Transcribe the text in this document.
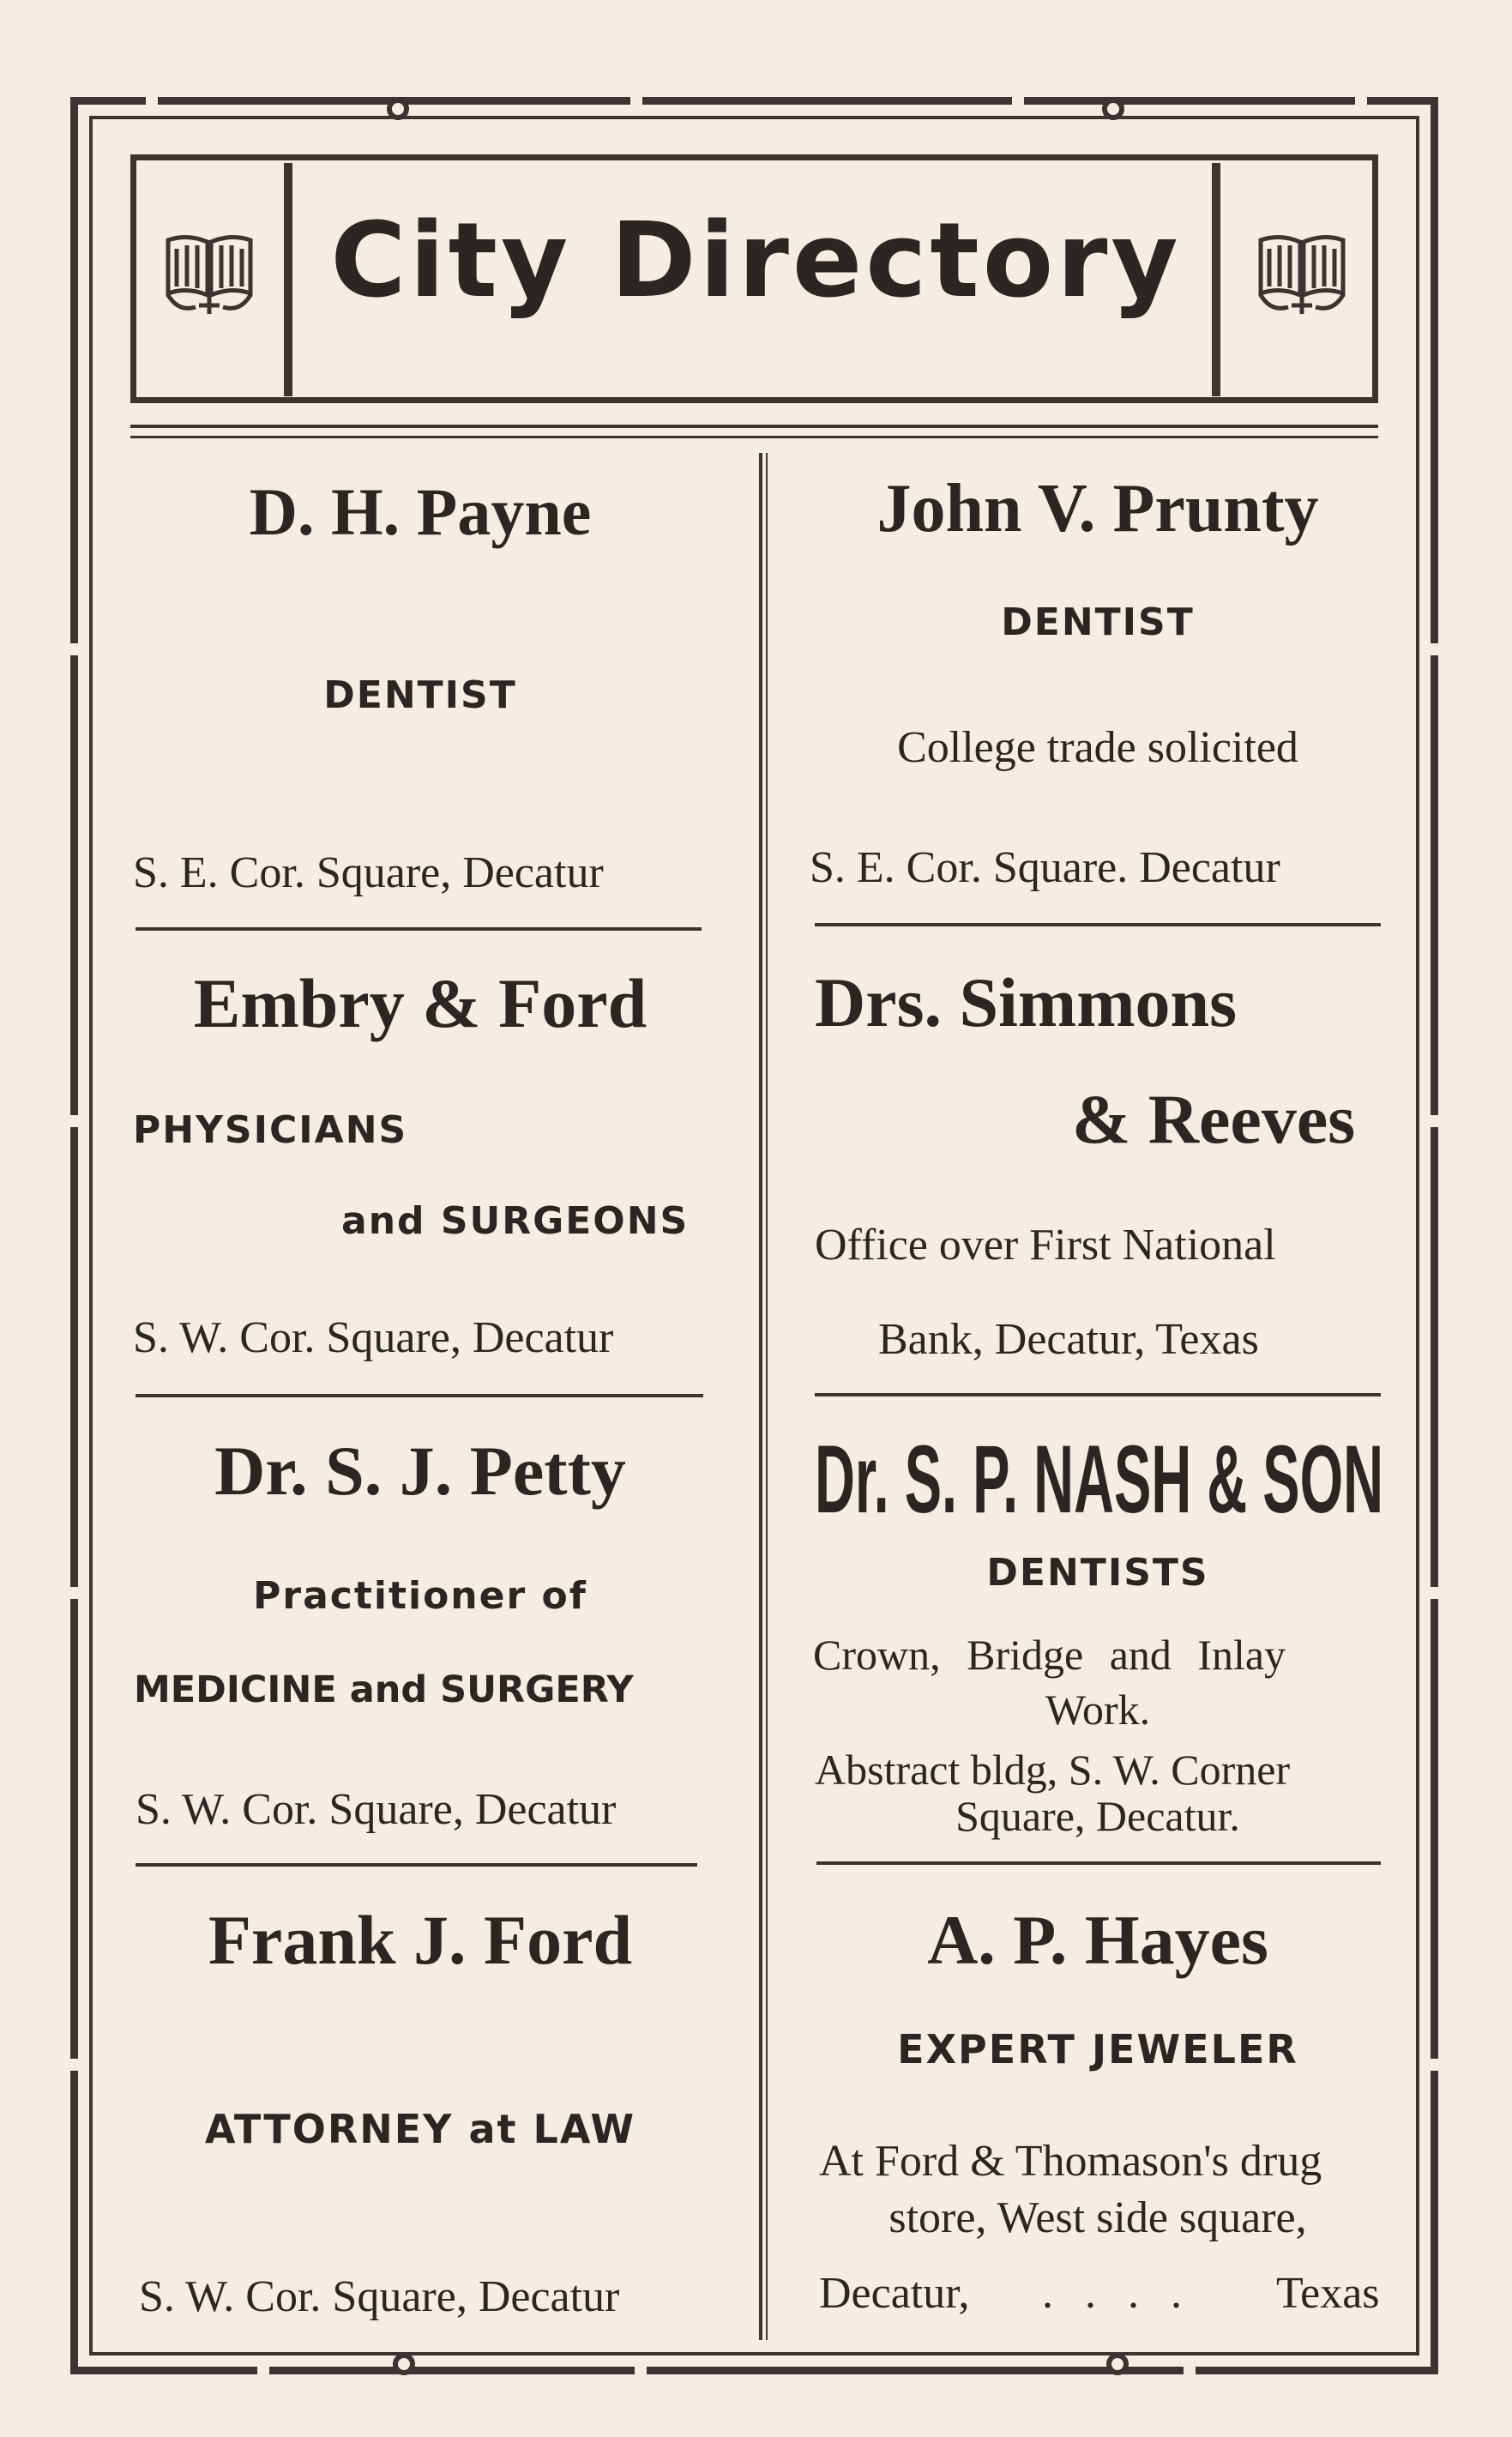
City Directory
D. H. Payne
DENTIST
S. E. Cor. Square, Decatur
Embry & Ford
PHYSICIANS
and SURGEONS
S. W. Cor. Square, Decatur
Dr. S. J. Petty
Practitioner of
MEDICINE and SURGERY
S. W. Cor. Square, Decatur
Frank J. Ford
ATTORNEY at LAW
S. W. Cor. Square, Decatur
John V. Prunty
DENTIST
College trade solicited
S. E. Cor. Square. Decatur
Drs. Simmons
& Reeves
Office over First National
Bank, Decatur, Texas
Dr. S. P. NASH & SON
DENTISTS
Crown, Bridge and Inlay
Work.
Abstract bldg, S. W. Corner
Square, Decatur.
A. P. Hayes
EXPERT JEWELER
At Ford & Thomason's drug
store, West side square,
Decatur, . . . . Texas
